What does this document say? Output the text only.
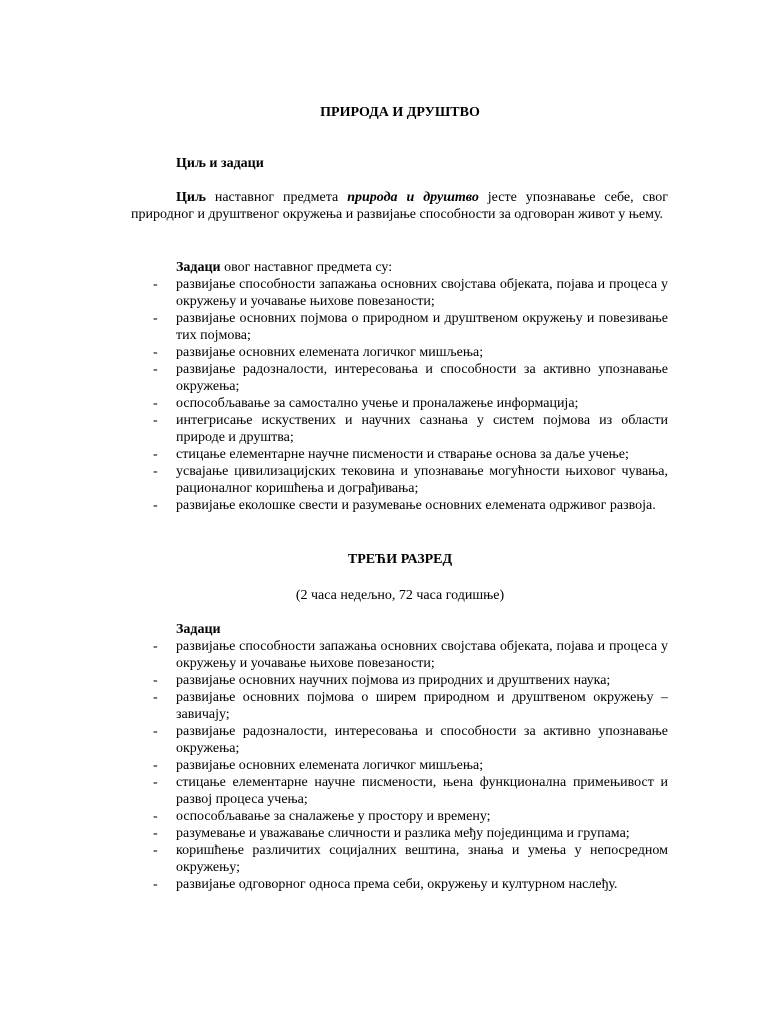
ПРИРОДА И ДРУШТВО
Циљ и задаци

Циљ наставног предмета природа и друштво јесте упознавање себе, свог природног и друштвеног окружења и развијање способности за одговоран живот у њему.

Задаци овог наставног предмета су:

- развијање способности запажања основних својстава објеката, појава и процеса у окружењу и уочавање њихове повезаности;
- развијање основних појмова о природном и друштвеном окружењу и повезивање тих појмова;
- развијање основних елемената логичког мишљења;
- развијање радозналости, интересовања и способности за активно упознавање окружења;
- оспособљавање за самостално учење и проналажење информација;
- интегрисање искуствених и научних сазнања у систем појмова из области природе и друштва;
- стицање елементарне научне писмености и стварање основа за даље учење;
- усвајање цивилизацијских тековина и упознавање могућности њиховог чувања, рационалног коришћења и дограђивања;
- развијање еколошке свести и разумевање основних елемената одрживог развоја.
ТРЕЋИ РАЗРЕД
(2 часа недељно, 72 часа годишње)
Задаци
- развијање способности запажања основних својстава објеката, појава и процеса у окружењу и уочавање њихове повезаности;
- развијање основних научних појмова из природних и друштвених наука;
- развијање основних појмова о ширем природном и друштвеном окружењу – завичају;
- развијање радозналости, интересовања и способности за активно упознавање окружења;
- развијање основних елемената логичког мишљења;
- стицање елементарне научне писмености, њена функционална примењивост и развој процеса учења;
- оспособљавање за сналажење у простору и времену;
- разумевање и уважавање сличности и разлика међу појединцима и групама;
- коришћење различитих социјалних вештина, знања и умења у непосредном окружењу;
- развијање одговорног односа према себи, окружењу и културном наслеђу.
